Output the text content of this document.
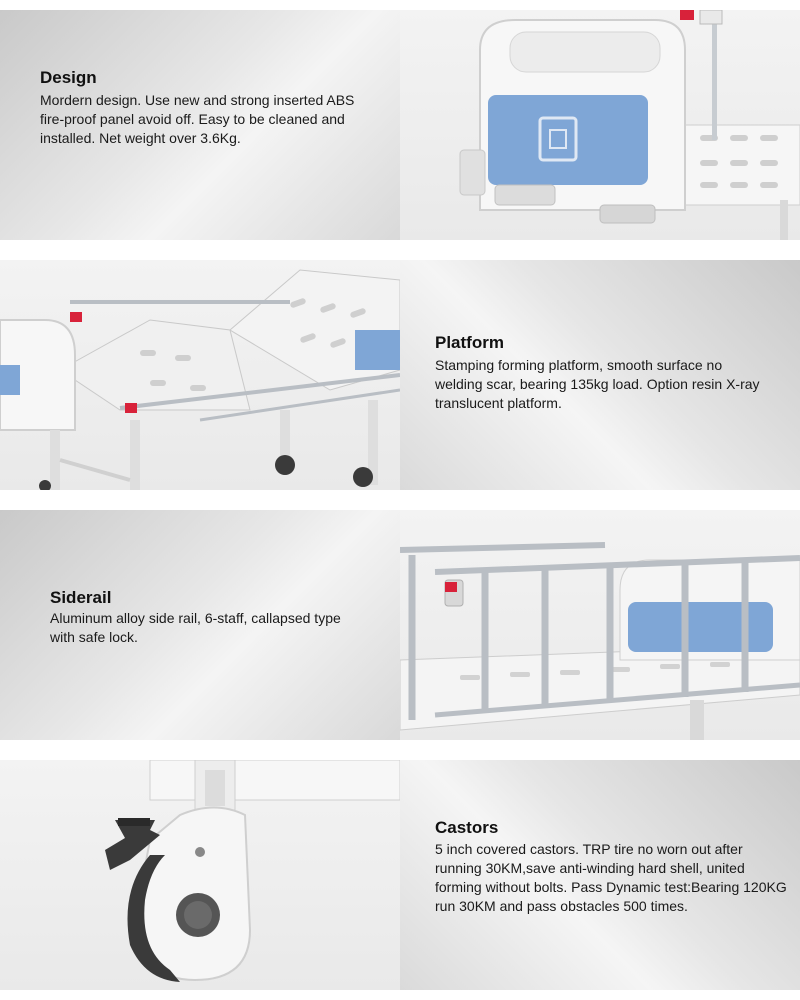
Design

Mordern design. Use new and strong inserted ABS fire-proof panel avoid off. Easy to be cleaned and installed. Net weight over 3.6Kg.

Platform

Stamping forming platform, smooth surface no welding scar, bearing 135kg load. Option resin X-ray translucent platform.

Siderail

Aluminum alloy side rail, 6-staff, callapsed type with safe lock.

Castors

5 inch covered castors. TRP tire no worn out after running 30KM,save anti-winding hard shell, united forming without bolts. Pass Dynamic test:Bearing 120KG run 30KM and pass obstacles 500 times.
